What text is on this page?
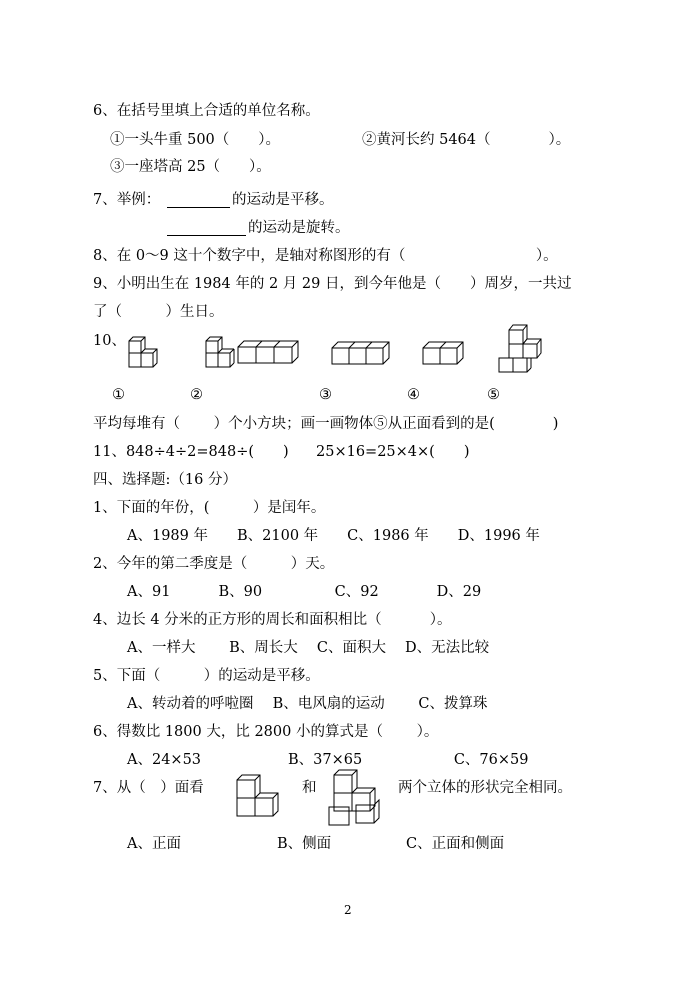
6、在括号里填上合适的单位名称。
①一头牛重 500（　　）。	②黄河长约 5464（　　　　）。
③一座塔高 25（　　）。
7、举例：	的运动是平移。
的运动是旋转。
8、在 0～9 这十个数字中，是轴对称图形的有（　　　　　　　　　）。
9、小明出生在 1984 年的 2 月 29 日，到今年他是（　　）周岁，一共过
了（　　　）生日。
10、
①	②	③	④	⑤
平均每堆有（　　 ）个小方块；画一画物体⑤从正面看到的是(　　　　)
11、848÷4÷2=848÷(　　) 25×16=25×4×(　　)
四、选择题:（16 分）
1、下面的年份，(　　　）是闰年。
A、1989 年　　B、2100 年　　C、1986 年　　D、1996 年
2、今年的第二季度是（　　　）天。
A、91　　　 B、90　　　　　C、92　　　　D、29
4、边长 4 分米的正方形的周长和面积相比（　　　 ）。
A、一样大　　 B、周长大　 C、面积大　 D、无法比较
5、下面（　　　）的运动是平移。
A、转动着的呼啦圈　 B、电风扇的运动　　 C、拨算珠
6、得数比 1800 大，比 2800 小的算式是（　　 ）。
A、24×53　　　　　　B、37×65　　　　　　 C、76×59
7、从（　）面看	和	两个立体的形状完全相同。
A、正面	B、侧面	C、正面和侧面
2
